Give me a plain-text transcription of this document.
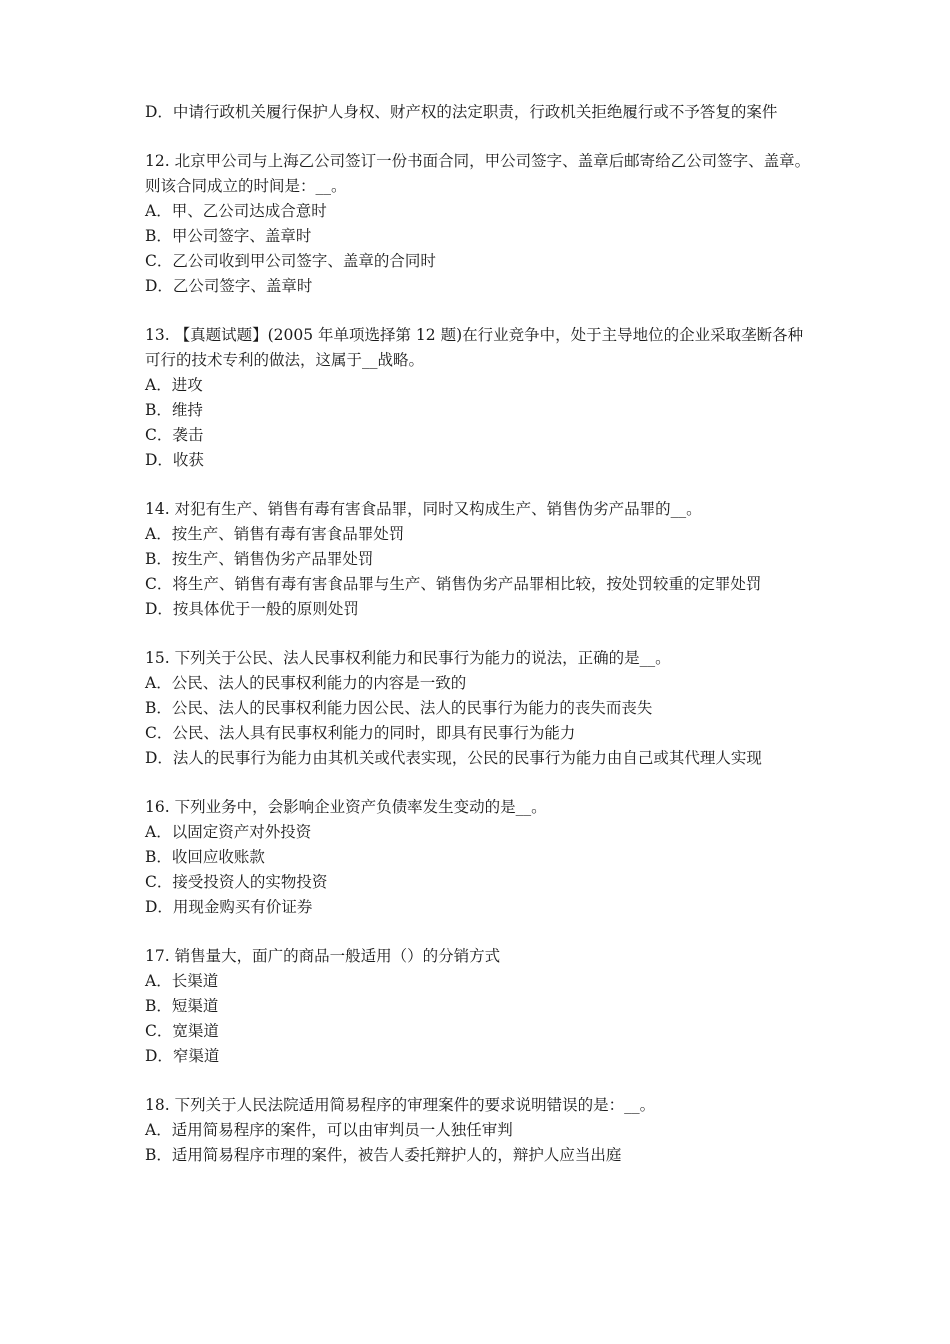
D．中请行政机关履行保护人身权、财产权的法定职责，行政机关拒绝履行或不予答复的案件
12. 北京甲公司与上海乙公司签订一份书面合同，甲公司签字、盖章后邮寄给乙公司签字、盖章。则该合同成立的时间是：__。
A．甲、乙公司达成合意时
B．甲公司签字、盖章时
C．乙公司收到甲公司签字、盖章的合同时
D．乙公司签字、盖章时
13. 【真题试题】(2005 年单项选择第 12 题)在行业竞争中，处于主导地位的企业采取垄断各种可行的技术专利的做法，这属于__战略。
A．进攻
B．维持
C．袭击
D．收获
14. 对犯有生产、销售有毒有害食品罪，同时又构成生产、销售伪劣产品罪的__。
A．按生产、销售有毒有害食品罪处罚
B．按生产、销售伪劣产品罪处罚
C．将生产、销售有毒有害食品罪与生产、销售伪劣产品罪相比较，按处罚较重的定罪处罚
D．按具体优于一般的原则处罚
15. 下列关于公民、法人民事权利能力和民事行为能力的说法，正确的是__。
A．公民、法人的民事权利能力的内容是一致的
B．公民、法人的民事权利能力因公民、法人的民事行为能力的丧失而丧失
C．公民、法人具有民事权利能力的同时，即具有民事行为能力
D．法人的民事行为能力由其机关或代表实现，公民的民事行为能力由自己或其代理人实现
16. 下列业务中，会影响企业资产负债率发生变动的是__。
A．以固定资产对外投资
B．收回应收账款
C．接受投资人的实物投资
D．用现金购买有价证券
17. 销售量大，面广的商品一般适用（）的分销方式
A．长渠道
B．短渠道
C．宽渠道
D．窄渠道
18. 下列关于人民法院适用简易程序的审理案件的要求说明错误的是：__。
A．适用简易程序的案件，可以由审判员一人独任审判
B．适用简易程序市理的案件，被告人委托辩护人的，辩护人应当出庭
